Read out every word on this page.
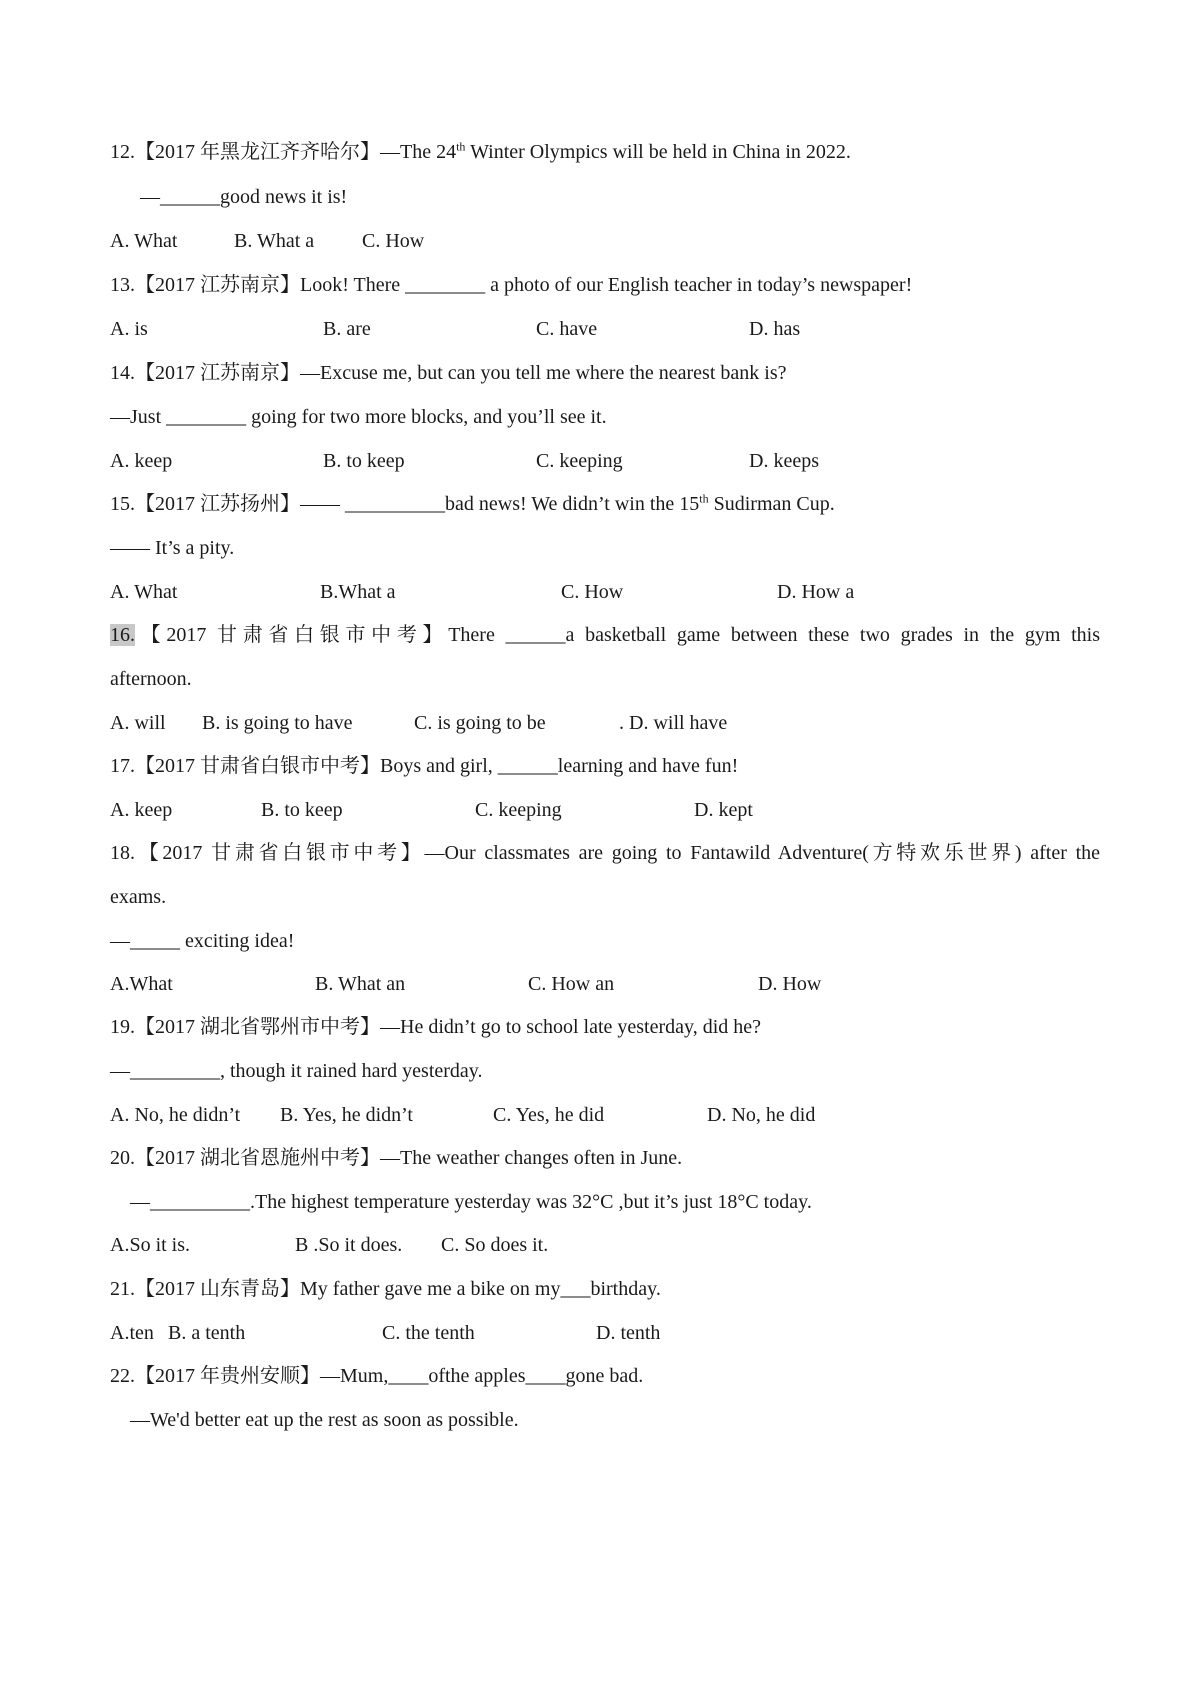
12.【2017 年黑龙江齐齐哈尔】—The 24th Winter Olympics will be held in China in 2022.
—______good news it is!
A. What	B. What a C. How
13.【2017 江苏南京】Look! There ________ a photo of our English teacher in today’s newspaper!
A. is	B. are	C. have	D. has
14.【2017 江苏南京】—Excuse me, but can you tell me where the nearest bank is?
—Just ________ going for two more blocks, and you’ll see it.
A. keep	B. to keep	C. keeping	D. keeps
15.【2017 江苏扬州】—— __________bad news! We didn’t win the 15th Sudirman Cup.
—— It’s a pity.
A. What	B.What a	C. How	D. How a
16.【2017 甘肃省白银市中考】There ______a basketball game between these two grades in the gym this
afternoon.
A. will B. is going to have	C. is going to be	. D. will have
17.【2017 甘肃省白银市中考】Boys and girl, ______learning and have fun!
A. keep	B. to keep	C. keeping	D. kept
18.【2017 甘肃省白银市中考】—Our classmates are going to Fantawild Adventure(方特欢乐世界) after the
exams.
—_____ exciting idea!
A.What	B. What an	C. How an	D. How
19.【2017 湖北省鄂州市中考】—He didn’t go to school late yesterday, did he?
—_________, though it rained hard yesterday.
A. No, he didn’t B. Yes, he didn’t	C. Yes, he did	D. No, he did
20.【2017 湖北省恩施州中考】—The weather changes often in June.
—__________.The highest temperature yesterday was 32°C ,but it’s just 18°C today.
A.So it is.	B .So it does. C. So does it.
21.【2017 山东青岛】My father gave me a bike on my___birthday.
A.ten B. a tenth	C. the tenth	D. tenth
22.【2017 年贵州安顺】—Mum,____ofthe apples____gone bad.
—We'd better eat up the rest as soon as possible.
